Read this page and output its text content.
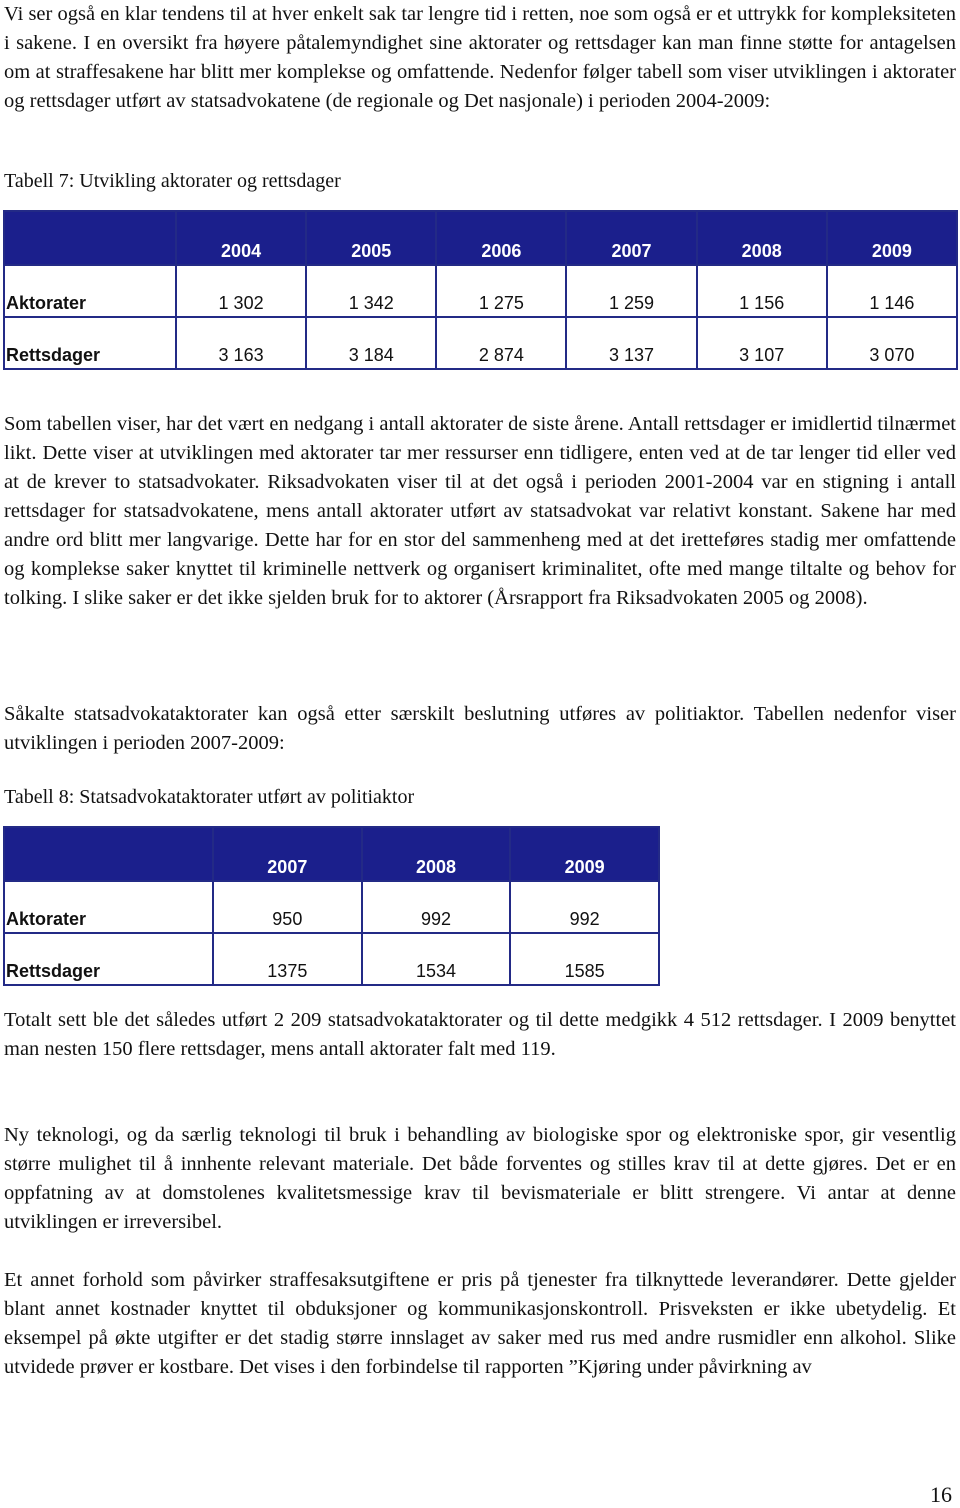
Vi ser også en klar tendens til at hver enkelt sak tar lengre tid i retten, noe som også er et uttrykk for kompleksiteten i sakene. I en oversikt fra høyere påtalemyndighet sine aktorater og rettsdager kan man finne støtte for antagelsen om at straffesakene har blitt mer komplekse og omfattende. Nedenfor følger tabell som viser utviklingen i aktorater og rettsdager utført av statsadvokatene (de regionale og Det nasjonale) i perioden 2004-2009:

Tabell 7: Utvikling aktorater og rettsdager

	2004	2005	2006	2007	2008	2009
Aktorater	1 302	1 342	1 275	1 259	1 156	1 146
Rettsdager	3 163	3 184	2 874	3 137	3 107	3 070

Som tabellen viser, har det vært en nedgang i antall aktorater de siste årene. Antall rettsdager er imidlertid tilnærmet likt. Dette viser at utviklingen med aktorater tar mer ressurser enn tidligere, enten ved at de tar lenger tid eller ved at de krever to statsadvokater. Riksadvokaten viser til at det også i perioden 2001-2004 var en stigning i antall rettsdager for statsadvokatene, mens antall aktorater utført av statsadvokat var relativt konstant. Sakene har med andre ord blitt mer langvarige. Dette har for en stor del sammenheng med at det iretteføres stadig mer omfattende og komplekse saker knyttet til kriminelle nettverk og organisert kriminalitet, ofte med mange tiltalte og behov for tolking. I slike saker er det ikke sjelden bruk for to aktorer (Årsrapport fra Riksadvokaten 2005 og 2008).

Såkalte statsadvokataktorater kan også etter særskilt beslutning utføres av politiaktor. Tabellen nedenfor viser utviklingen i perioden 2007-2009:

Tabell 8: Statsadvokataktorater utført av politiaktor

	2007	2008	2009
Aktorater	950	992	992
Rettsdager	1375	1534	1585

Totalt sett ble det således utført 2 209 statsadvokataktorater og til dette medgikk 4 512 rettsdager. I 2009 benyttet man nesten 150 flere rettsdager, mens antall aktorater falt med 119.

Ny teknologi, og da særlig teknologi til bruk i behandling av biologiske spor og elektroniske spor, gir vesentlig større mulighet til å innhente relevant materiale. Det både forventes og stilles krav til at dette gjøres. Det er en oppfatning av at domstolenes kvalitetsmessige krav til bevismateriale er blitt strengere. Vi antar at denne utviklingen er irreversibel.

Et annet forhold som påvirker straffesaksutgiftene er pris på tjenester fra tilknyttede leverandører. Dette gjelder blant annet kostnader knyttet til obduksjoner og kommunikasjonskontroll. Prisveksten er ikke ubetydelig. Et eksempel på økte utgifter er det stadig større innslaget av saker med rus med andre rusmidler enn alkohol. Slike utvidede prøver er kostbare. Det vises i den forbindelse til rapporten ”Kjøring under påvirkning av

16
